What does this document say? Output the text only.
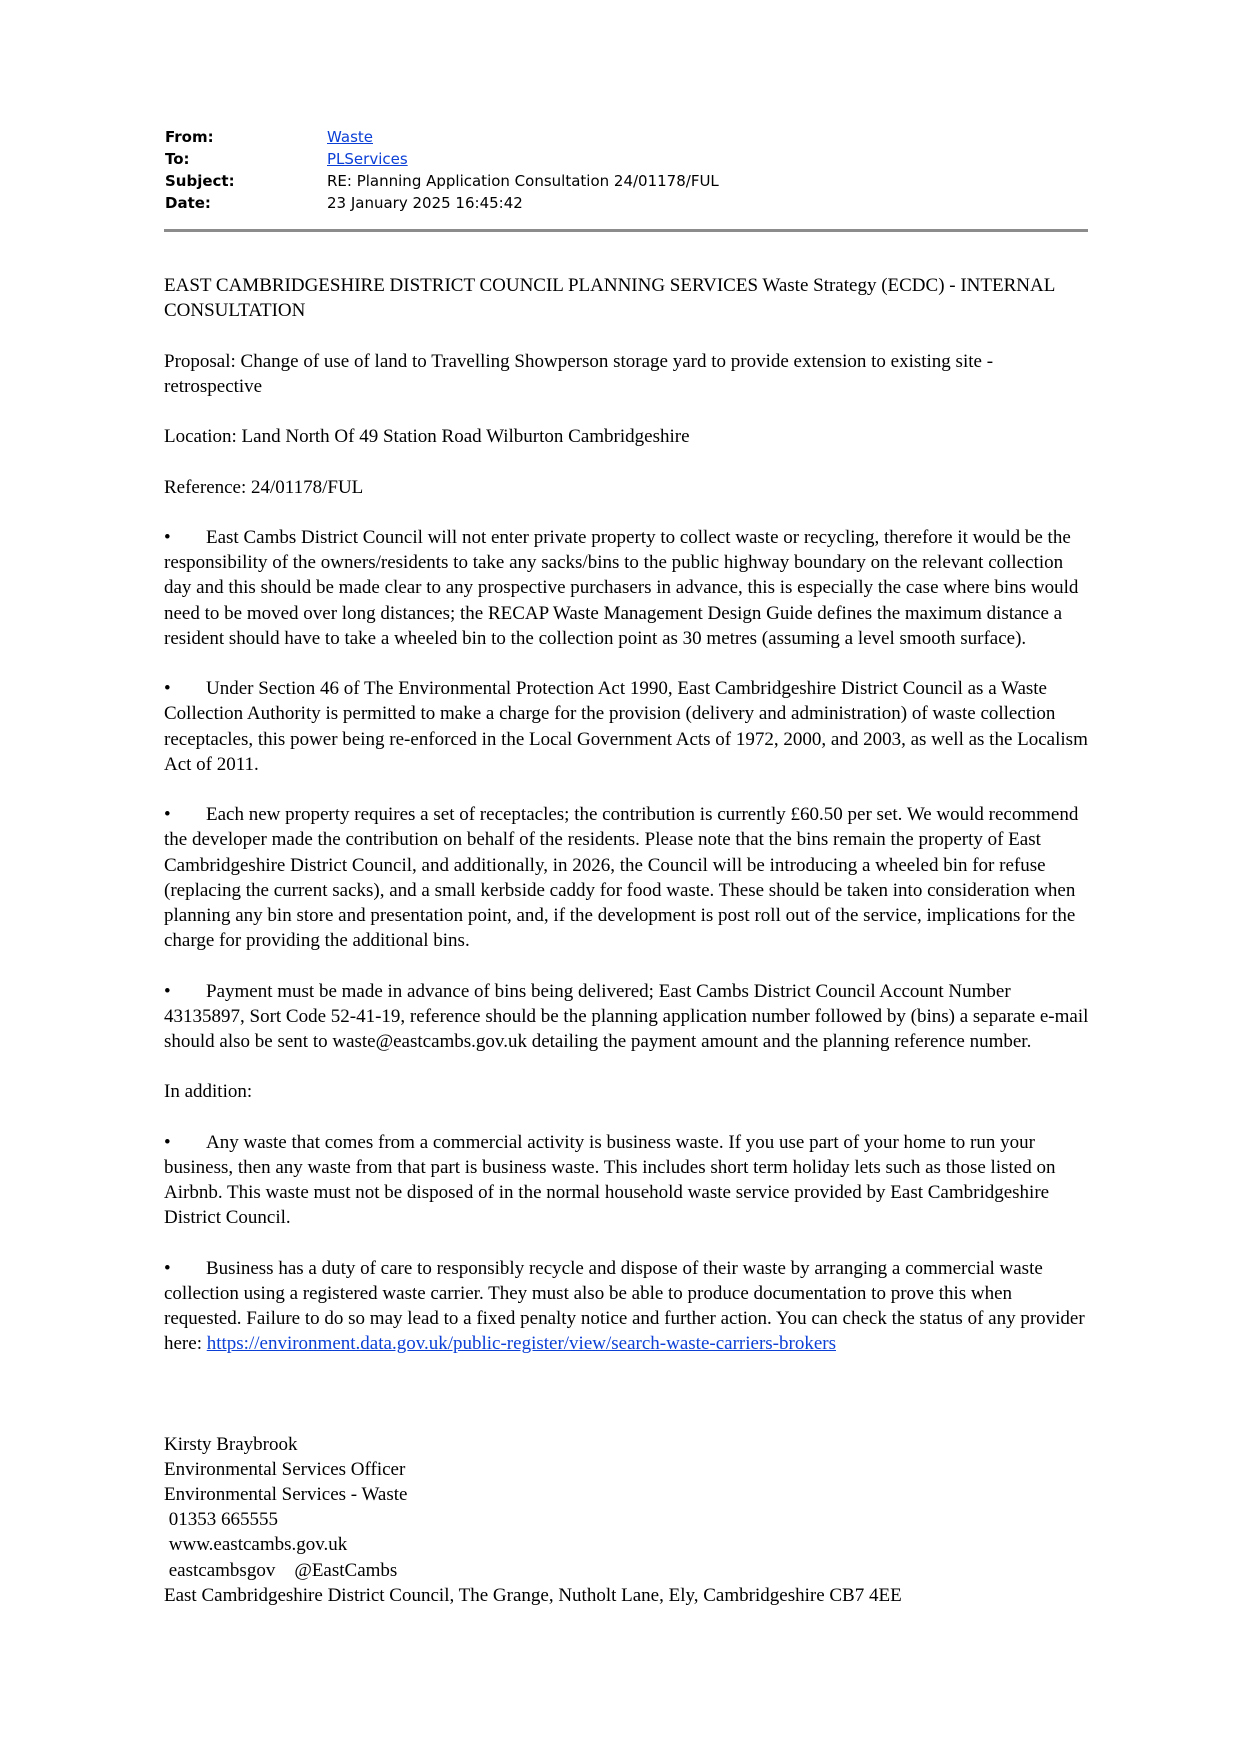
From:	Waste
To:	PLServices
Subject:	RE: Planning Application Consultation 24/01178/FUL
Date:	23 January 2025 16:45:42

EAST CAMBRIDGESHIRE DISTRICT COUNCIL PLANNING SERVICES Waste Strategy (ECDC) - INTERNAL CONSULTATION

Proposal: Change of use of land to Travelling Showperson storage yard to provide extension to existing site - retrospective

Location: Land North Of 49 Station Road Wilburton Cambridgeshire

Reference: 24/01178/FUL

• East Cambs District Council will not enter private property to collect waste or recycling, therefore it would be the responsibility of the owners/residents to take any sacks/bins to the public highway boundary on the relevant collection day and this should be made clear to any prospective purchasers in advance, this is especially the case where bins would need to be moved over long distances; the RECAP Waste Management Design Guide defines the maximum distance a resident should have to take a wheeled bin to the collection point as 30 metres (assuming a level smooth surface).

• Under Section 46 of The Environmental Protection Act 1990, East Cambridgeshire District Council as a Waste Collection Authority is permitted to make a charge for the provision (delivery and administration) of waste collection receptacles, this power being re-enforced in the Local Government Acts of 1972, 2000, and 2003, as well as the Localism Act of 2011.

• Each new property requires a set of receptacles; the contribution is currently £60.50 per set. We would recommend the developer made the contribution on behalf of the residents. Please note that the bins remain the property of East Cambridgeshire District Council, and additionally, in 2026, the Council will be introducing a wheeled bin for refuse (replacing the current sacks), and a small kerbside caddy for food waste. These should be taken into consideration when planning any bin store and presentation point, and, if the development is post roll out of the service, implications for the charge for providing the additional bins.

• Payment must be made in advance of bins being delivered; East Cambs District Council Account Number 43135897, Sort Code 52-41-19, reference should be the planning application number followed by (bins) a separate e-mail should also be sent to waste@eastcambs.gov.uk detailing the payment amount and the planning reference number.

In addition:

• Any waste that comes from a commercial activity is business waste. If you use part of your home to run your business, then any waste from that part is business waste. This includes short term holiday lets such as those listed on Airbnb. This waste must not be disposed of in the normal household waste service provided by East Cambridgeshire District Council.

• Business has a duty of care to responsibly recycle and dispose of their waste by arranging a commercial waste collection using a registered waste carrier. They must also be able to produce documentation to prove this when requested. Failure to do so may lead to a fixed penalty notice and further action. You can check the status of any provider here: https://environment.data.gov.uk/public-register/view/search-waste-carriers-brokers

Kirsty Braybrook
Environmental Services Officer
Environmental Services - Waste
01353 665555
www.eastcambs.gov.uk
eastcambsgov    @EastCambs
East Cambridgeshire District Council, The Grange, Nutholt Lane, Ely, Cambridgeshire CB7 4EE
